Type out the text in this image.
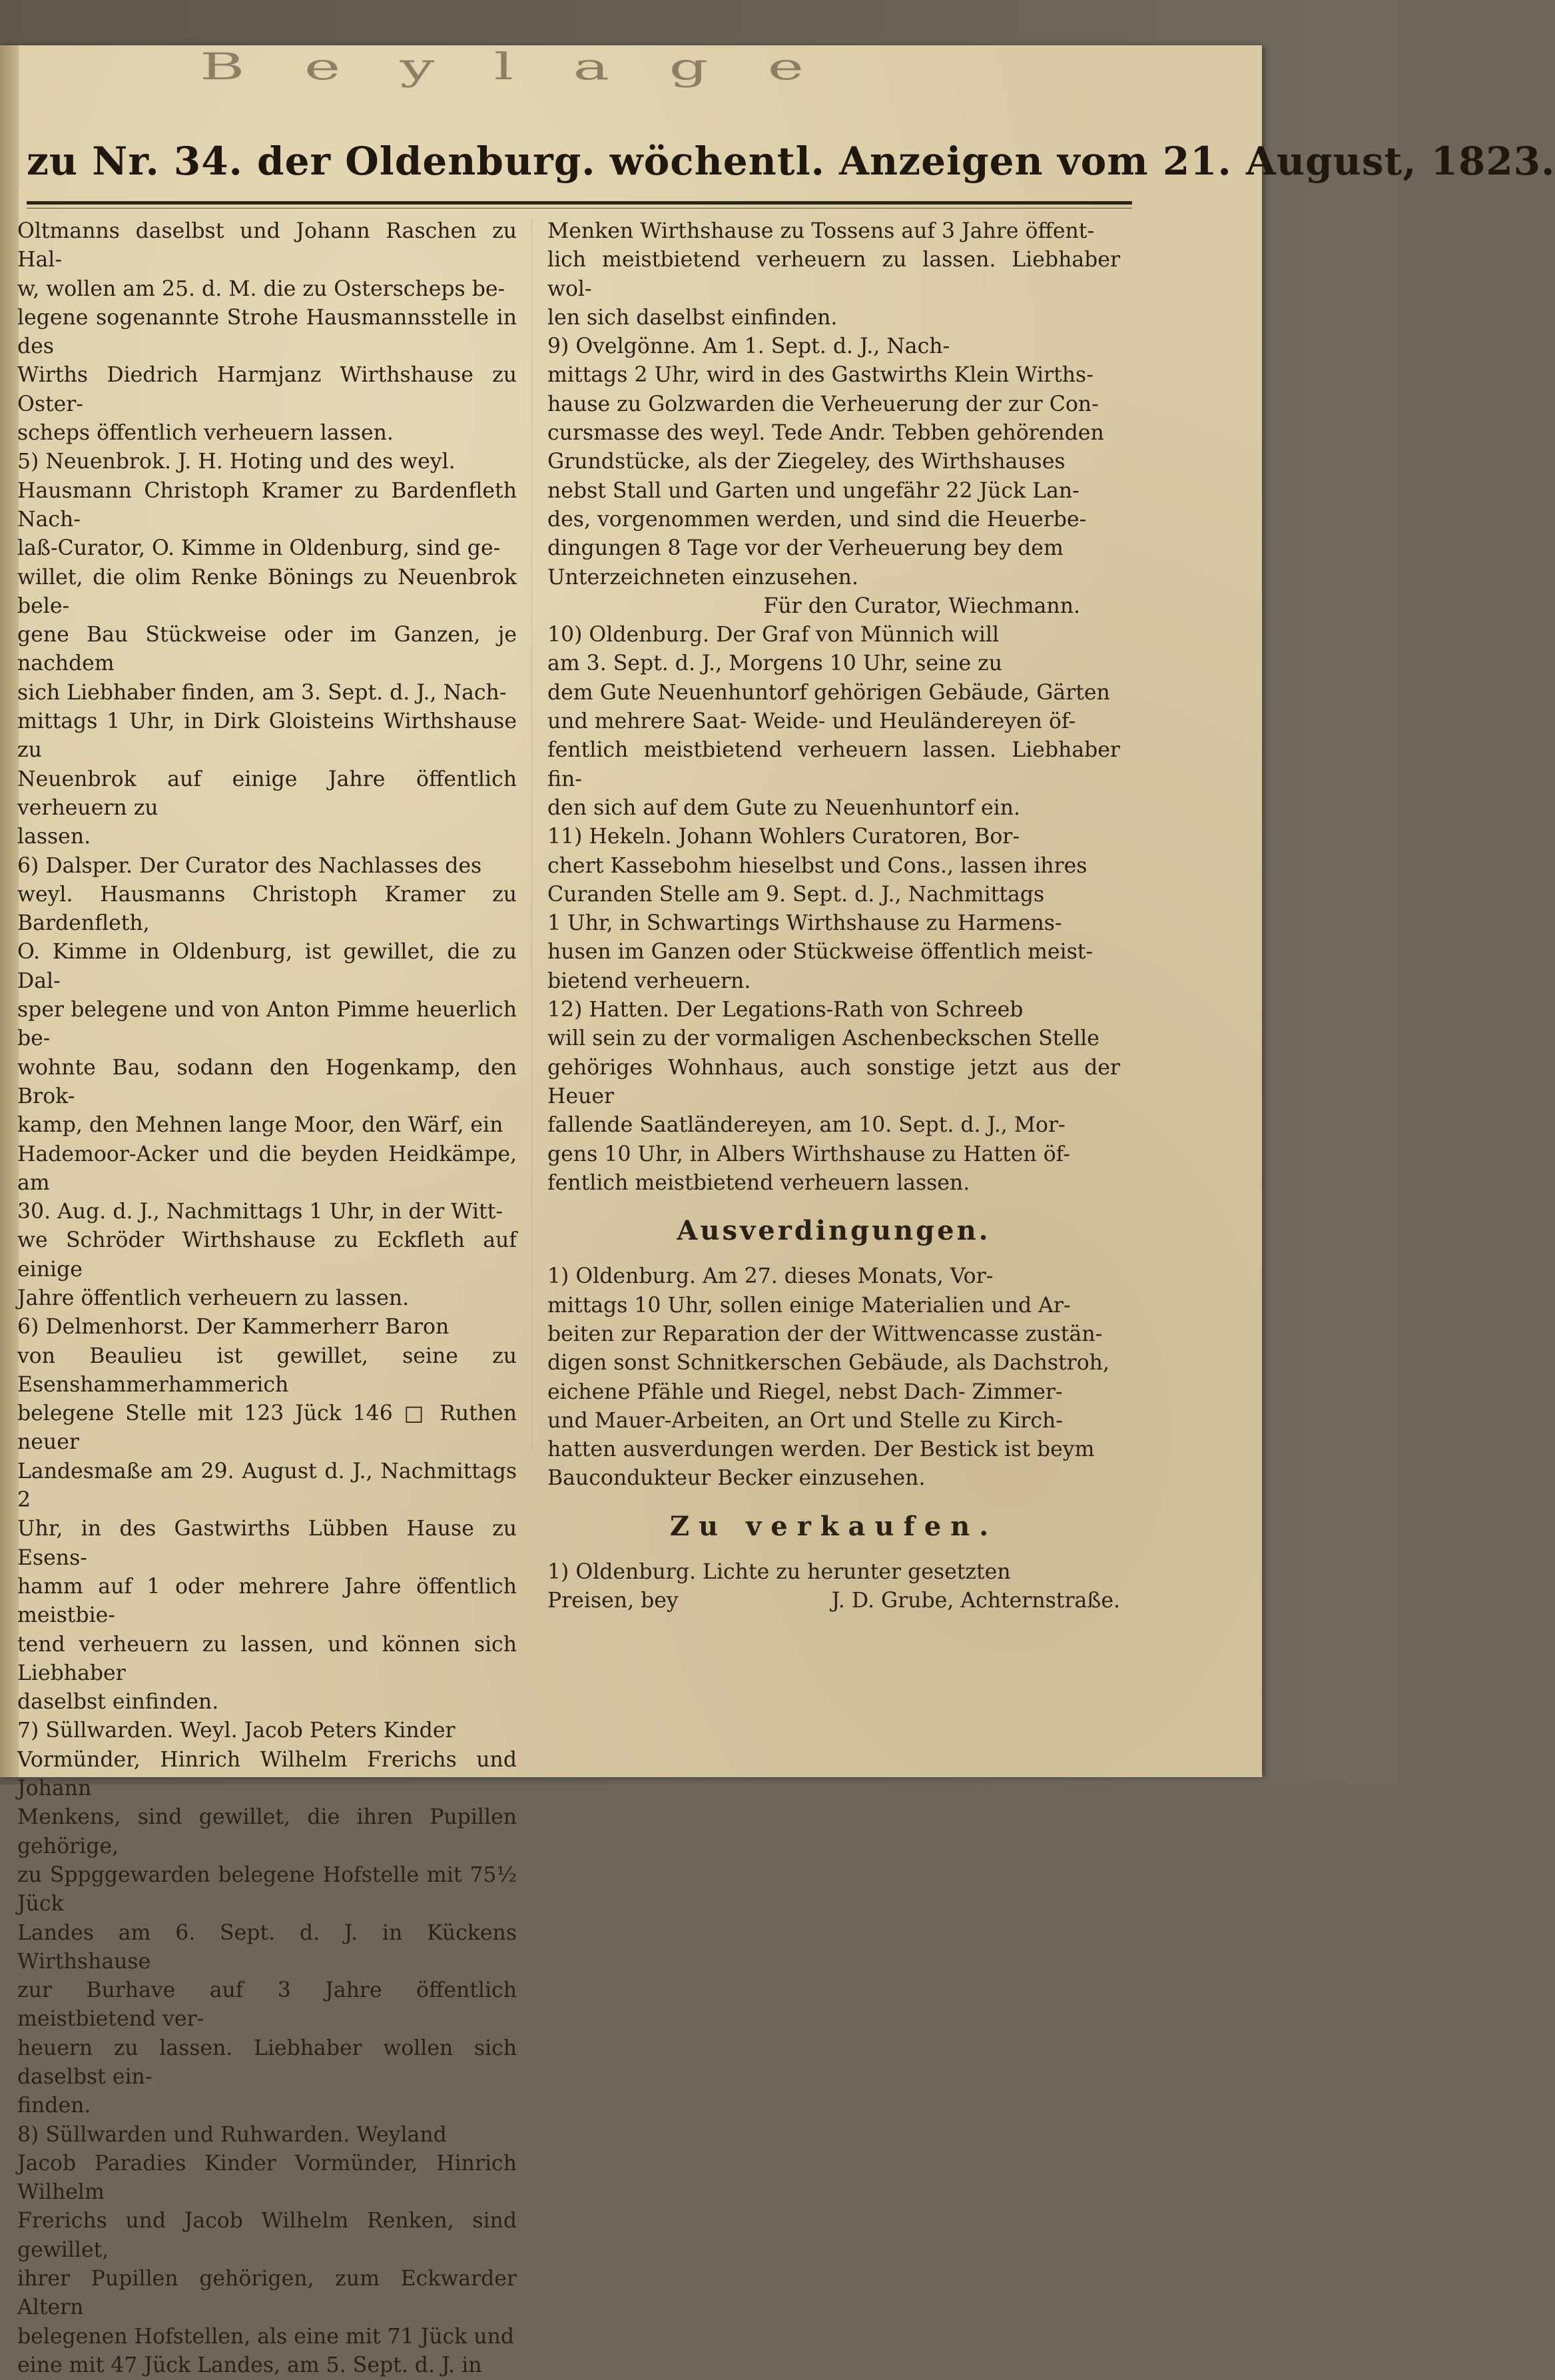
B e y l a g e
zu Nr. 34. der Oldenburg. wöchentl. Anzeigen vom 21. August, 1823.

Oltmanns daselbst und Johann Raschen zu Hal-

w, wollen am 25. d. M. die zu Osterscheps be-

legene sogenannte Strohe Hausmannsstelle in des

Wirths Diedrich Harmjanz Wirthshause zu Oster-

scheps öffentlich verheuern lassen.

5) Neuenbrok. J. H. Hoting und des weyl.

Hausmann Christoph Kramer zu Bardenfleth Nach-

laß-Curator, O. Kimme in Oldenburg, sind ge-

willet, die olim Renke Bönings zu Neuenbrok bele-

gene Bau Stückweise oder im Ganzen, je nachdem

sich Liebhaber finden, am 3. Sept. d. J., Nach-

mittags 1 Uhr, in Dirk Gloisteins Wirthshause zu

Neuenbrok auf einige Jahre öffentlich verheuern zu

lassen.

6) Dalsper. Der Curator des Nachlasses des

weyl. Hausmanns Christoph Kramer zu Bardenfleth,

O. Kimme in Oldenburg, ist gewillet, die zu Dal-

sper belegene und von Anton Pimme heuerlich be-

wohnte Bau, sodann den Hogenkamp, den Brok-

kamp, den Mehnen lange Moor, den Wärf, ein

Hademoor-Acker und die beyden Heidkämpe, am

30. Aug. d. J., Nachmittags 1 Uhr, in der Witt-

we Schröder Wirthshause zu Eckfleth auf einige

Jahre öffentlich verheuern zu lassen.

6) Delmenhorst. Der Kammerherr Baron

von Beaulieu ist gewillet, seine zu Esenshammerhammerich

belegene Stelle mit 123 Jück 146 □ Ruthen neuer

Landesmaße am 29. August d. J., Nachmittags 2

Uhr, in des Gastwirths Lübben Hause zu Esens-

hamm auf 1 oder mehrere Jahre öffentlich meistbie-

tend verheuern zu lassen, und können sich Liebhaber

daselbst einfinden.

7) Süllwarden. Weyl. Jacob Peters Kinder

Vormünder, Hinrich Wilhelm Frerichs und Johann

Menkens, sind gewillet, die ihren Pupillen gehörige,

zu Sppggewarden belegene Hofstelle mit 75½ Jück

Landes am 6. Sept. d. J. in Kückens Wirthshause

zur Burhave auf 3 Jahre öffentlich meistbietend ver-

heuern zu lassen. Liebhaber wollen sich daselbst ein-

finden.

8) Süllwarden und Ruhwarden. Weyland

Jacob Paradies Kinder Vormünder, Hinrich Wilhelm

Frerichs und Jacob Wilhelm Renken, sind gewillet,

ihrer Pupillen gehörigen, zum Eckwarder Altern

belegenen Hofstellen, als eine mit 71 Jück und

eine mit 47 Jück Landes, am 5. Sept. d. J. in

Menken Wirthshause zu Tossens auf 3 Jahre öffent-

lich meistbietend verheuern zu lassen. Liebhaber wol-

len sich daselbst einfinden.

9) Ovelgönne. Am 1. Sept. d. J., Nach-

mittags 2 Uhr, wird in des Gastwirths Klein Wirths-

hause zu Golzwarden die Verheuerung der zur Con-

cursmasse des weyl. Tede Andr. Tebben gehörenden

Grundstücke, als der Ziegeley, des Wirthshauses

nebst Stall und Garten und ungefähr 22 Jück Lan-

des, vorgenommen werden, und sind die Heuerbe-

dingungen 8 Tage vor der Verheuerung bey dem

Unterzeichneten einzusehen.

Für den Curator, Wiechmann.

10) Oldenburg. Der Graf von Münnich will

am 3. Sept. d. J., Morgens 10 Uhr, seine zu

dem Gute Neuenhuntorf gehörigen Gebäude, Gärten

und mehrere Saat- Weide- und Heuländereyen öf-

fentlich meistbietend verheuern lassen. Liebhaber fin-

den sich auf dem Gute zu Neuenhuntorf ein.

11) Hekeln. Johann Wohlers Curatoren, Bor-

chert Kassebohm hieselbst und Cons., lassen ihres

Curanden Stelle am 9. Sept. d. J., Nachmittags

1 Uhr, in Schwartings Wirthshause zu Harmens-

husen im Ganzen oder Stückweise öffentlich meist-

bietend verheuern.

12) Hatten. Der Legations-Rath von Schreeb

will sein zu der vormaligen Aschenbeckschen Stelle

gehöriges Wohnhaus, auch sonstige jetzt aus der Heuer

fallende Saatländereyen, am 10. Sept. d. J., Mor-

gens 10 Uhr, in Albers Wirthshause zu Hatten öf-

fentlich meistbietend verheuern lassen.

Ausverdingungen.

1) Oldenburg. Am 27. dieses Monats, Vor-

mittags 10 Uhr, sollen einige Materialien und Ar-

beiten zur Reparation der der Wittwencasse zustän-

digen sonst Schnitkerschen Gebäude, als Dachstroh,

eichene Pfähle und Riegel, nebst Dach- Zimmer-

und Mauer-Arbeiten, an Ort und Stelle zu Kirch-

hatten ausverdungen werden. Der Bestick ist beym

Baucondukteur Becker einzusehen.

Zu verkaufen.

1) Oldenburg. Lichte zu herunter gesetzten

Preisen, bey	J. D. Grube, Achternstraße.
